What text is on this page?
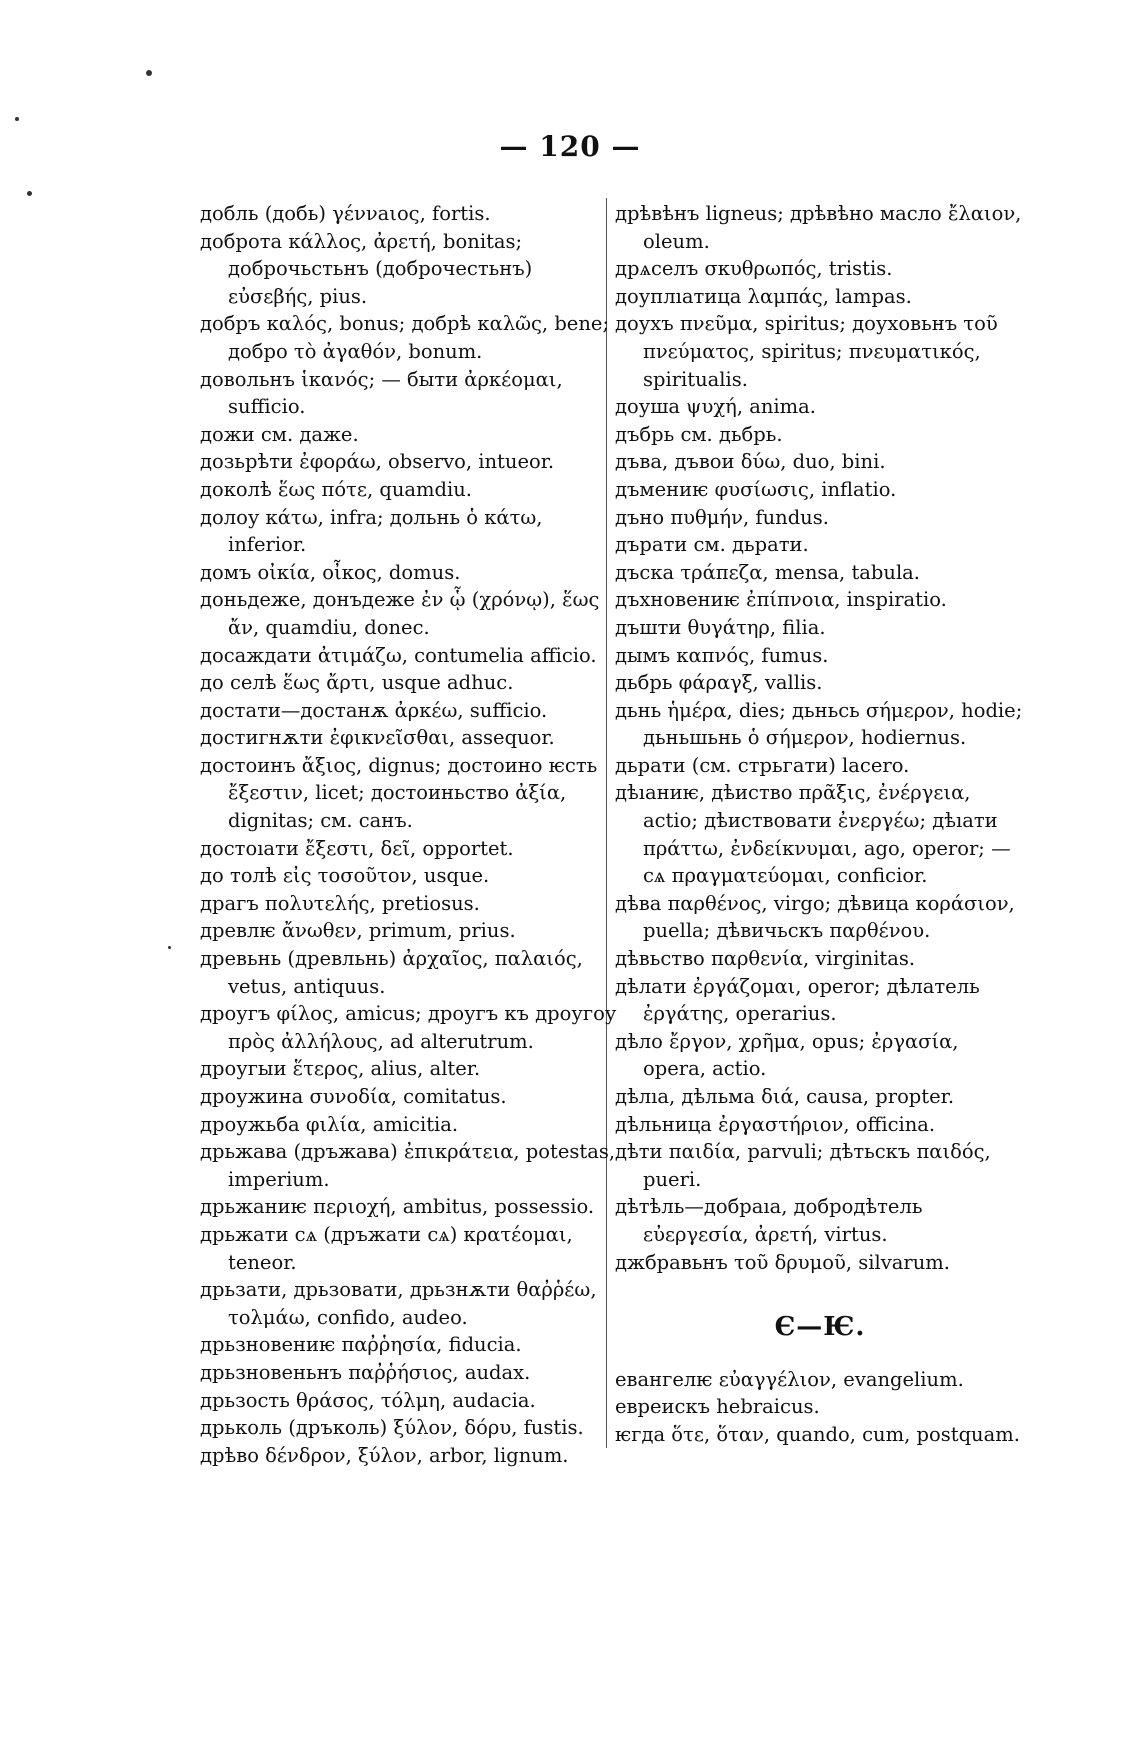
— 120 —

добль (добь) γέννaιος, fortis.

доброта κάλλος, ἀρετή, bonitas; доброчьстьнъ (доброчестьнъ) εὐσεβής, pius.

добръ καλός, bonus; добрѣ καλῶς, bene; добро τὸ ἀγαθόν, bonum.

довольнъ ἱκανός; — быти ἀρκέομαι, sufficio.

дожи см. даже.

дозьрѣти ἐφοράω, observo, intueor.

доколѣ ἕως πότε, quamdiu.

долоу κάτω, infra; дольнь ὁ κάτω, inferior.

домъ οἰκία, οἶκος, domus.

доньдеже, донъдеже ἐν ᾧ (χρόνῳ), ἕως ἄν, quamdiu, donec.

досаждати ἀτιμάζω, contumelia afficio.

до селѣ ἕως ἄρτι, usque adhuc.

достати—достанѫ ἀρκέω, sufficio.

достигнѫти ἐφικνεῖσθαι, assequor.

достоинъ ἄξιος, dignus; достоино ѥсть ἔξεστιν, licet; достоиньство ἀξία, dignitas; см. санъ.

достоıати ἔξεστι, δεῖ, opportet.

до толѣ εἰς τοσοῦτον, usque.

драгъ πολυτελής, pretiosus.

древлѥ ἄνωθεν, primum, prius.

древьнь (древльнь) ἀρχαῖος, παλαιός, vetus, antiquus.

дроугъ φίλος, amicus; дроугъ къ дроугоу πρὸς ἀλλήλους, ad alterutrum.

дроугыи ἕτερος, alius, alter.

дроужина συνοδία, comitatus.

дроужьба φιλία, amicitia.

дрьжава (дръжава) ἐπικράτεια, potestas, imperium.

дрьжаниѥ περιοχή, ambitus, possessio.

дрьжати сѧ (дръжати сѧ) κρατέομαι, teneor.

дрьзати, дрьзовати, дрьзнѫти θαῤῥέω, τολμάω, confido, audeo.

дрьзновениѥ παῤῥησία, fiducia.

дрьзновеньнъ παῤῥήσιος, audax.

дрьзость θράσος, τόλμη, audacia.

дрьколь (дръколь) ξύλον, δόρυ, fustis.

дрѣво δένδρον, ξύλον, arbor, lignum.

дрѣвѣнъ ligneus; дрѣвѣно масло ἔλαιον, oleum.

дрѧселъ σκυθρωπός, tristis.

доуплıатица λαμπάς, lampas.

доухъ πνεῦμα, spiritus; доуховьнъ τοῦ πνεύματος, spiritus; πνευματικός, spiritualis.

доуша ψυχή, anima.

дъбрь см. дьбрь.

дъва, дъвои δύω, duo, bini.

дъмениѥ φυσίωσις, inflatio.

дъно πυθμήν, fundus.

дърати см. дьрати.

дъска τράπεζα, mensa, tabula.

дъхновениѥ ἐπίπνοια, inspiratio.

дъшти θυγάτηρ, filia.

дымъ καπνός, fumus.

дьбрь φάραγξ, vallis.

дьнь ἡμέρα, dies; дьньсь σήμερον, hodie; дьньшьнь ὁ σήμερον, hodiernus.

дьрати (см. стрьгати) lacero.

дѣıаниѥ, дѣиство πρᾶξις, ἐνέργεια, actio; дѣиствовати ἐνεργέω; дѣıати πράττω, ἐνδείκνυμαι, ago, operor; — сѧ πραγματεύομαι, conficior.

дѣва παρθένος, virgo; дѣвица κοράσιον, puella; дѣвичьскъ παρθένου.

дѣвьство παρθενία, virginitas.

дѣлати ἐργάζομαι, operor; дѣлатель ἐργάτης, operarius.

дѣло ἔργον, χρῆμα, opus; ἐργασία, opera, actio.

дѣлıа, дѣльма διά, causa, propter.

дѣльница ἐργαστήριον, officina.

дѣти παιδία, parvuli; дѣтьскъ παιδός, pueri.

дѣтѣль—добраıа, добродѣтель εὐεργεσία, ἀρετή, virtus.

джбравьнъ τοῦ δρυμοῦ, silvarum.

Є—Ѥ.

евангелѥ εὐαγγέλιον, evangelium.

евреискъ hebraicus.

ѥгда ὅτε, ὅταν, quando, cum, postquam.
